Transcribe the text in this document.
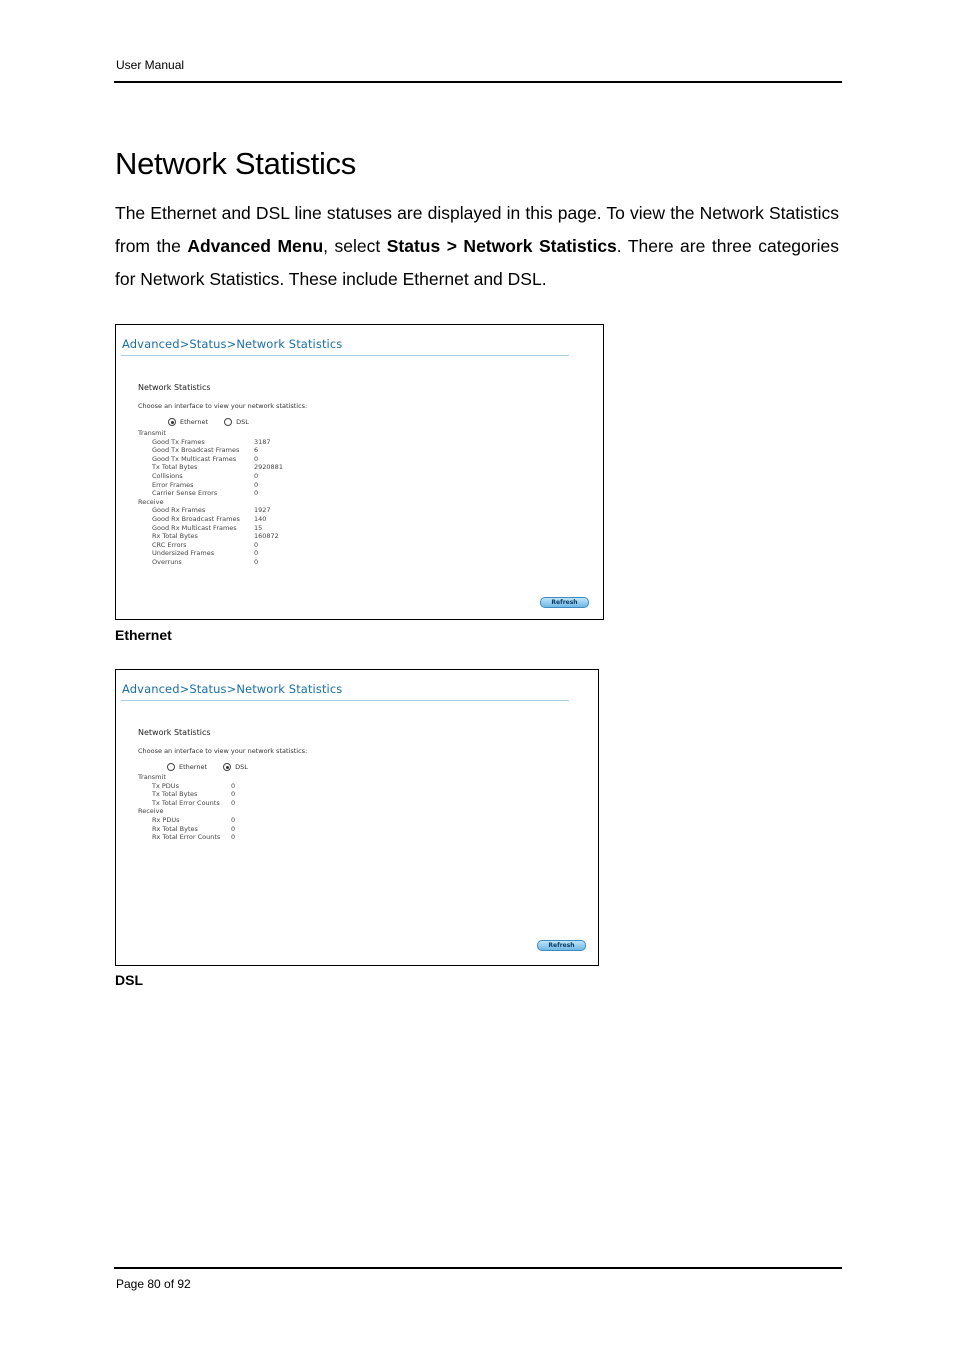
User Manual
Network Statistics
The Ethernet and DSL line statuses are displayed in this page. To view the Network Statistics from the Advanced Menu, select Status > Network Statistics. There are three categories for Network Statistics. These include Ethernet and DSL.
Advanced>Status>Network Statistics
Network Statistics
Choose an interface to view your network statistics:
Ethernet
	DSL
Transmit
Good Tx Frames	3187
Good Tx Broadcast Frames 6
Good Tx Multicast Frames	0
Tx Total Bytes	2920881
Collisions	0
Error Frames	0
Carrier Sense Errors	0
Receive
Good Rx Frames	1927
Good Rx Broadcast Frames 140
Good Rx Multicast Frames	15
Rx Total Bytes	160872
CRC Errors	0
Undersized Frames	0
Overruns	0
Refresh
Ethernet
Advanced>Status>Network Statistics
Network Statistics
Choose an interface to view your network statistics:
Ethernet
	DSL
Transmit
Tx PDUs	0
Tx Total Bytes	0
Tx Total Error Counts 0
Receive
Rx PDUs	0
Rx Total Bytes	0
Rx Total Error Counts 0
Refresh
DSL
Page 80 of 92
